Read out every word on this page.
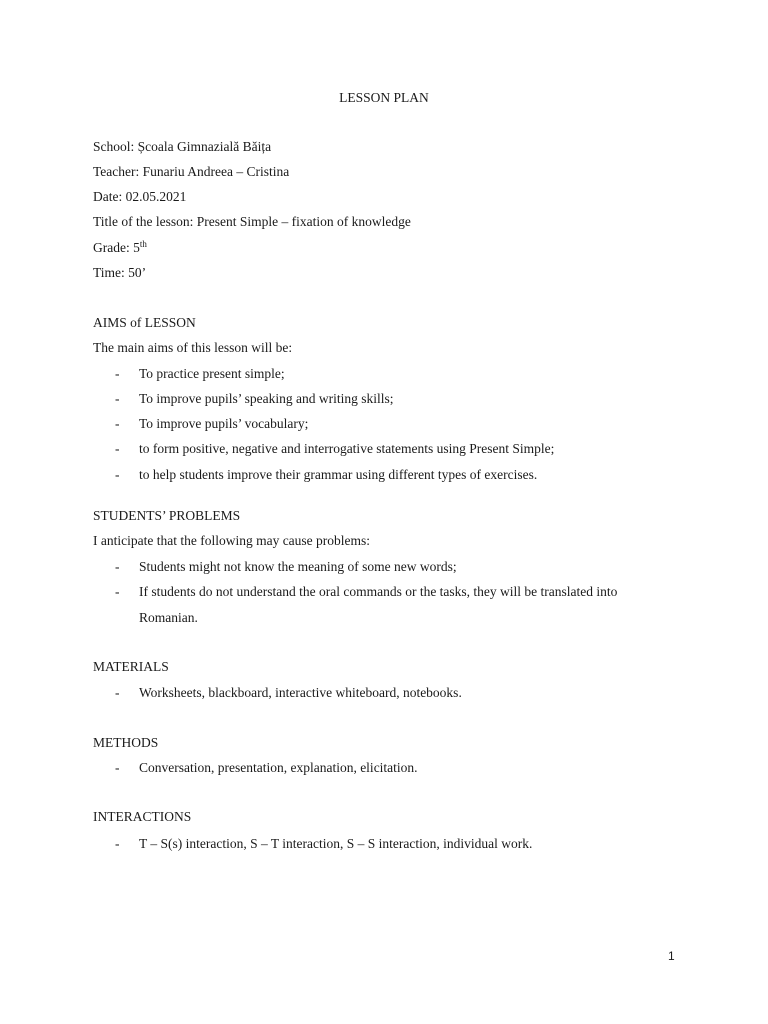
LESSON PLAN
School: Școala Gimnazială Băița
Teacher: Funariu Andreea – Cristina
Date: 02.05.2021
Title of the lesson: Present Simple – fixation of knowledge
Grade: 5th
Time: 50’
AIMS of LESSON
The main aims of this lesson will be:
- To practice present simple;
- To improve pupils’ speaking and writing skills;
- To improve pupils’ vocabulary;
- to form positive, negative and interrogative statements using Present Simple;
- to help students improve their grammar using different types of exercises.
STUDENTS’ PROBLEMS
I anticipate that the following may cause problems:
- Students might not know the meaning of some new words;
- If students do not understand the oral commands or the tasks, they will be translated into
Romanian.
MATERIALS
- Worksheets, blackboard, interactive whiteboard, notebooks.
METHODS
- Conversation, presentation, explanation, elicitation.
INTERACTIONS
- T – S(s) interaction, S – T interaction, S – S interaction, individual work.
1
